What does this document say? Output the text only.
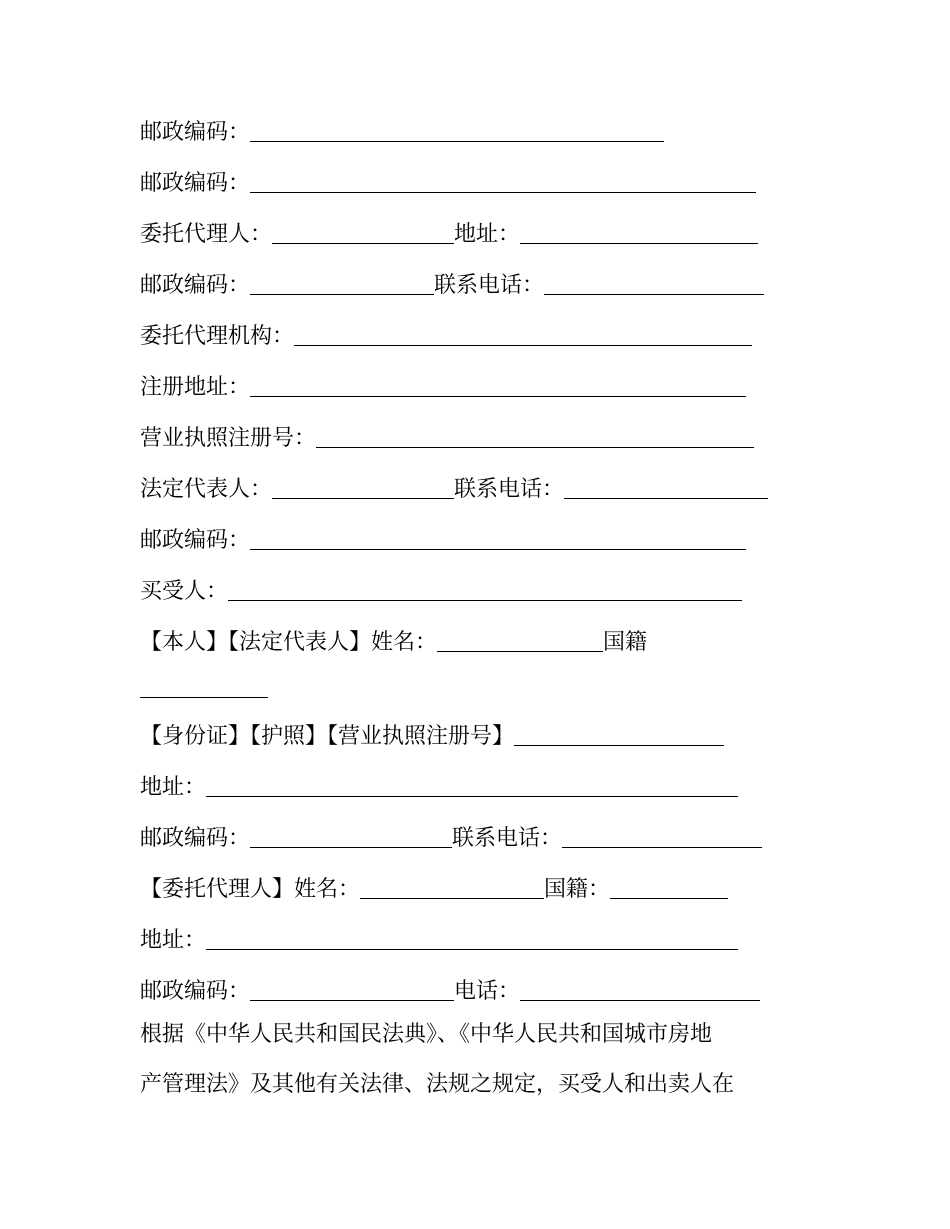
邮政编码：
邮政编码：
委托代理人：	地址：
邮政编码：	联系电话：
委托代理机构：
注册地址：
营业执照注册号：
法定代表人：	联系电话：
邮政编码：
买受人：
【本人】【法定代表人】姓名：	国籍
【身份证】【护照】【营业执照注册号】
地址：
邮政编码：	联系电话：
【委托代理人】姓名：	国籍：
地址：
邮政编码：	电话：
根据《中华人民共和国民法典》、《中华人民共和国城市房地
产管理法》及其他有关法律、法规之规定，买受人和出卖人在
